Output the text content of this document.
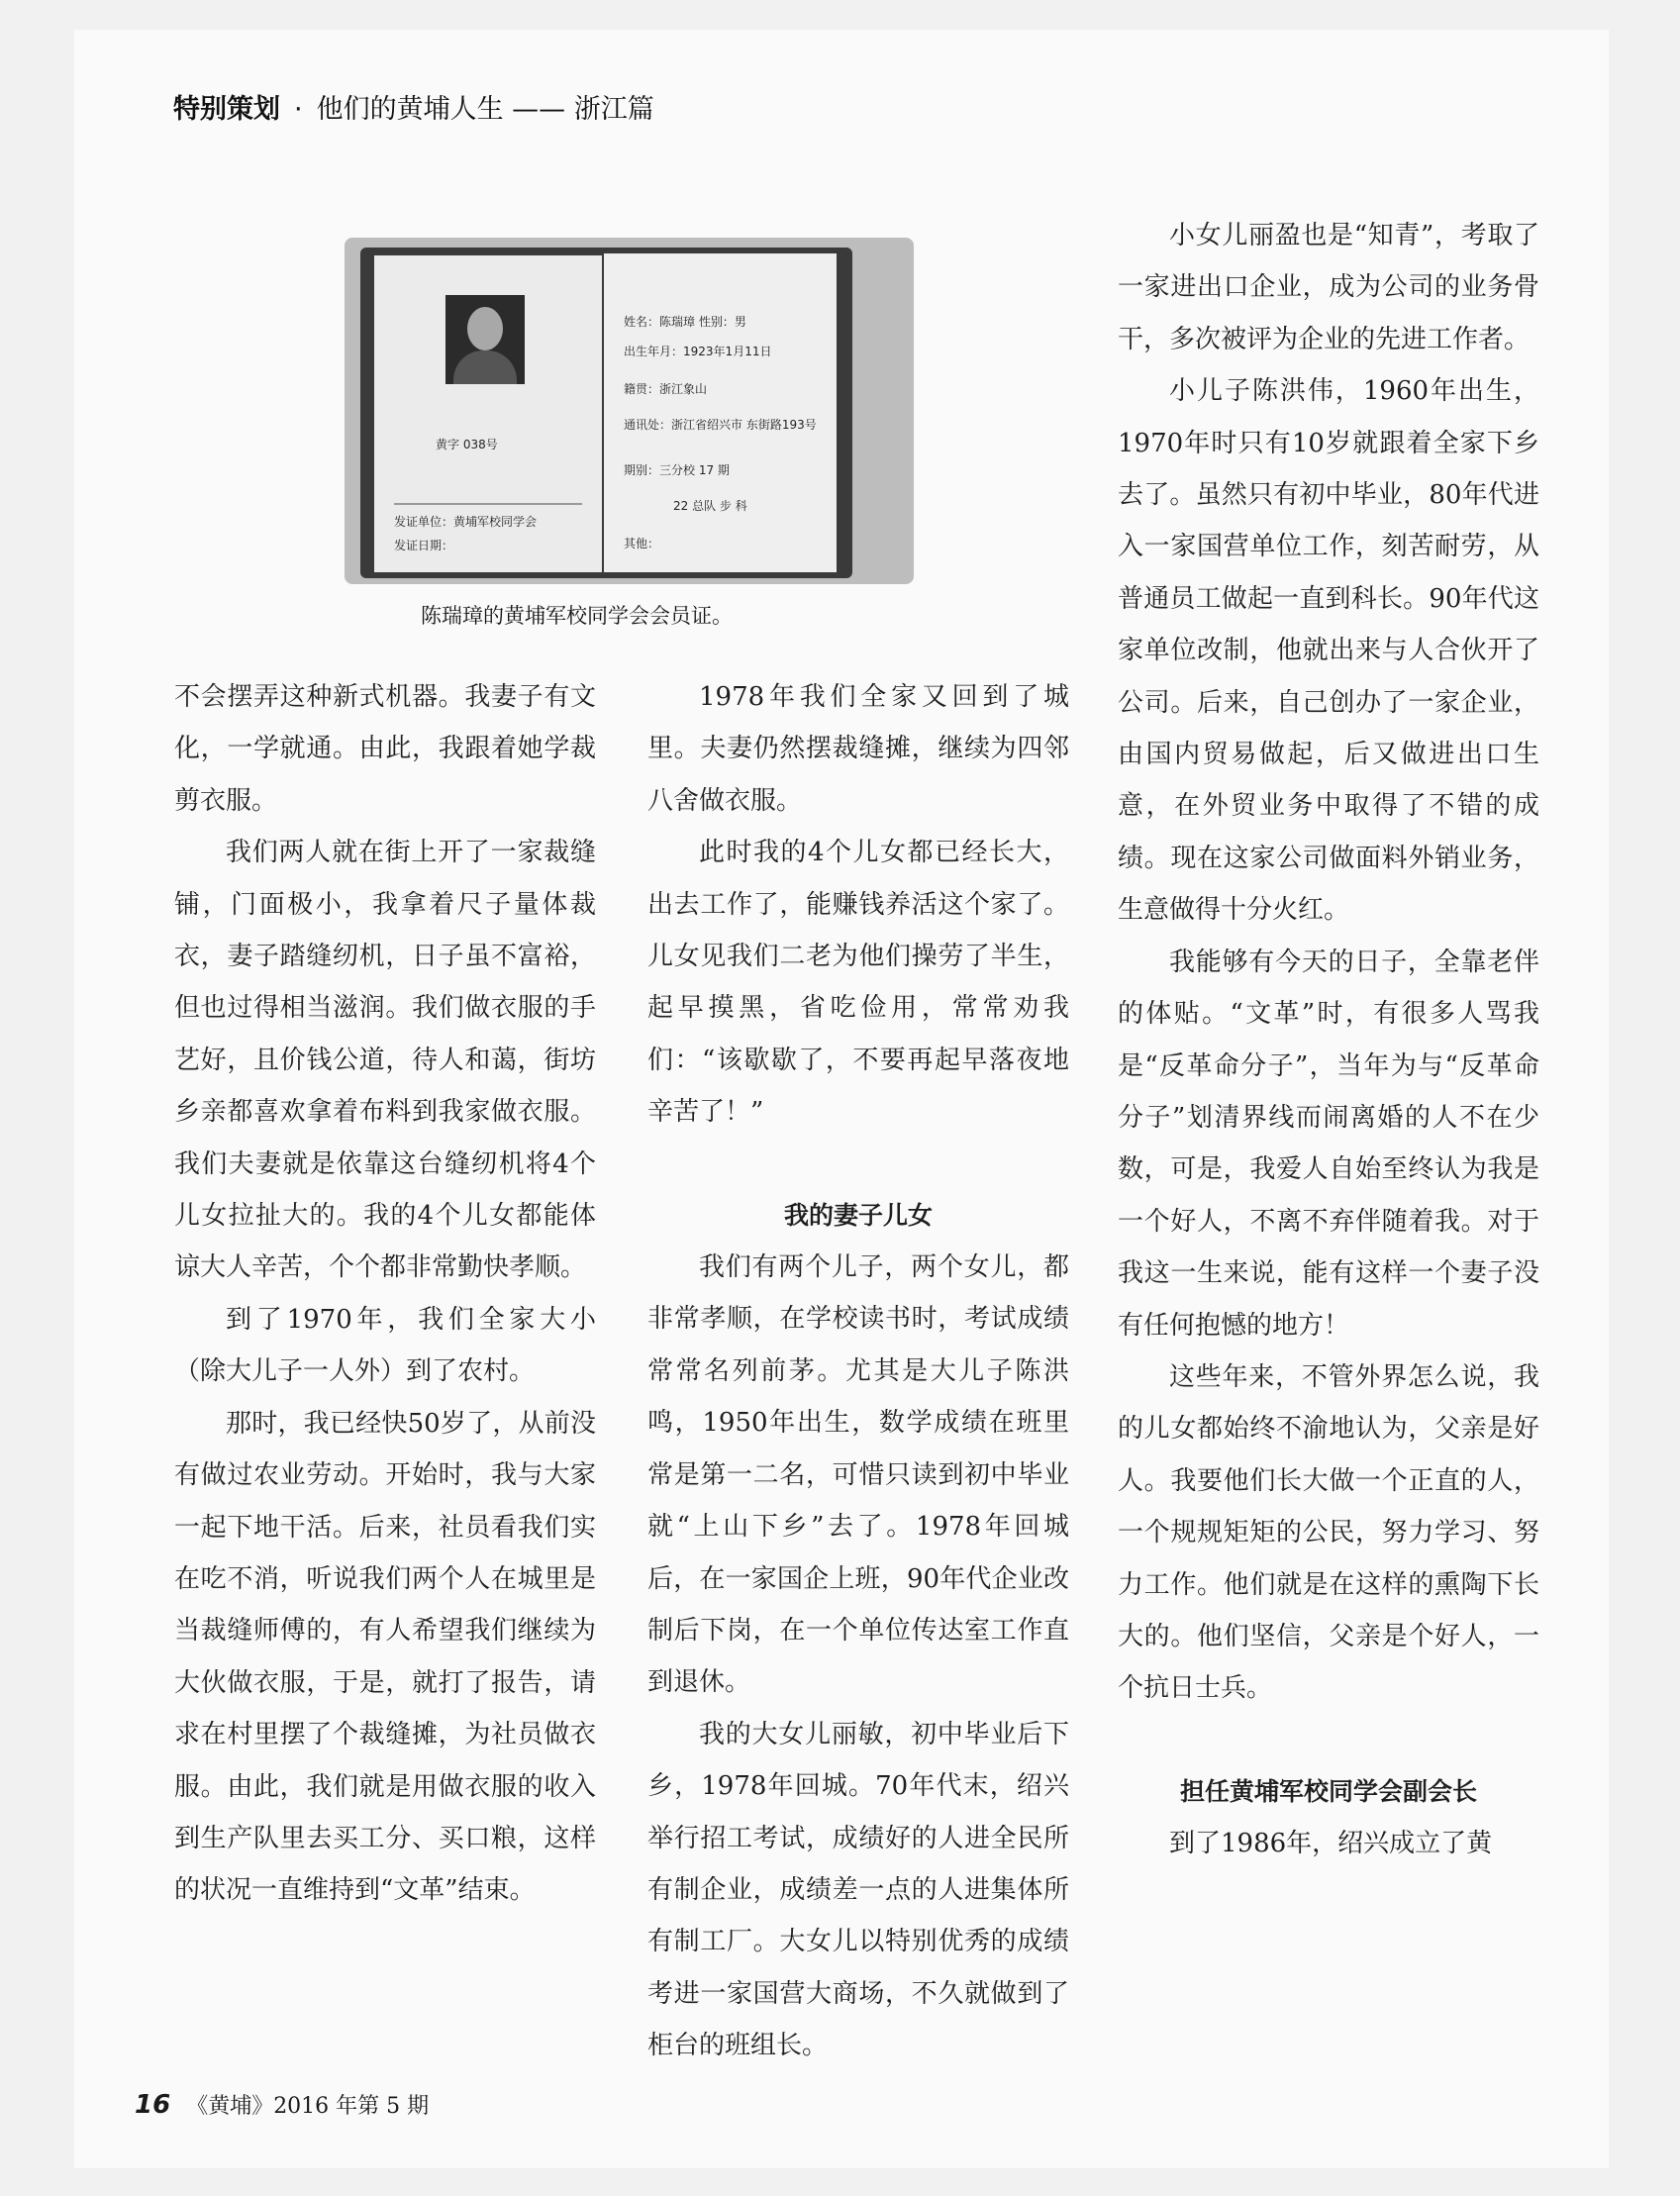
特别策划 · 他们的黄埔人生 —— 浙江篇
黄字 038号
发证单位：黄埔军校同学会
发证日期：
姓名：陈瑞璋 性别：男
出生年月：1923年1月11日
籍贯：浙江象山
通讯处：浙江省绍兴市 东街路193号
期别：三分校 17 期
22 总队 步 科
其他：
陈瑞璋的黄埔军校同学会会员证。

不会摆弄这种新式机器。我妻子有文化，一学就通。由此，我跟着她学裁剪衣服。

我们两人就在街上开了一家裁缝铺，门面极小，我拿着尺子量体裁衣，妻子踏缝纫机，日子虽不富裕，但也过得相当滋润。我们做衣服的手艺好，且价钱公道，待人和蔼，街坊乡亲都喜欢拿着布料到我家做衣服。我们夫妻就是依靠这台缝纫机将4个儿女拉扯大的。我的4个儿女都能体谅大人辛苦，个个都非常勤快孝顺。

到了1970年，我们全家大小（除大儿子一人外）到了农村。

那时，我已经快50岁了，从前没有做过农业劳动。开始时，我与大家一起下地干活。后来，社员看我们实在吃不消，听说我们两个人在城里是当裁缝师傅的，有人希望我们继续为大伙做衣服，于是，就打了报告，请求在村里摆了个裁缝摊，为社员做衣服。由此，我们就是用做衣服的收入到生产队里去买工分、买口粮，这样的状况一直维持到“文革”结束。

1978年我们全家又回到了城里。夫妻仍然摆裁缝摊，继续为四邻八舍做衣服。

此时我的4个儿女都已经长大，出去工作了，能赚钱养活这个家了。儿女见我们二老为他们操劳了半生，起早摸黑，省吃俭用，常常劝我们：“该歇歇了，不要再起早落夜地辛苦了！”

我的妻子儿女

我们有两个儿子，两个女儿，都非常孝顺，在学校读书时，考试成绩常常名列前茅。尤其是大儿子陈洪鸣，1950年出生，数学成绩在班里常是第一二名，可惜只读到初中毕业就“上山下乡”去了。1978年回城后，在一家国企上班，90年代企业改制后下岗，在一个单位传达室工作直到退休。

我的大女儿丽敏，初中毕业后下乡，1978年回城。70年代末，绍兴举行招工考试，成绩好的人进全民所有制企业，成绩差一点的人进集体所有制工厂。大女儿以特别优秀的成绩考进一家国营大商场，不久就做到了柜台的班组长。

小女儿丽盈也是“知青”，考取了一家进出口企业，成为公司的业务骨干，多次被评为企业的先进工作者。

小儿子陈洪伟，1960年出生，1970年时只有10岁就跟着全家下乡去了。虽然只有初中毕业，80年代进入一家国营单位工作，刻苦耐劳，从普通员工做起一直到科长。90年代这家单位改制，他就出来与人合伙开了公司。后来，自己创办了一家企业，由国内贸易做起，后又做进出口生意，在外贸业务中取得了不错的成绩。现在这家公司做面料外销业务，生意做得十分火红。

我能够有今天的日子，全靠老伴的体贴。“文革”时，有很多人骂我是“反革命分子”，当年为与“反革命分子”划清界线而闹离婚的人不在少数，可是，我爱人自始至终认为我是一个好人，不离不弃伴随着我。对于我这一生来说，能有这样一个妻子没有任何抱憾的地方！

这些年来，不管外界怎么说，我的儿女都始终不渝地认为，父亲是好人。我要他们长大做一个正直的人，一个规规矩矩的公民，努力学习、努力工作。他们就是在这样的熏陶下长大的。他们坚信，父亲是个好人，一个抗日士兵。

担任黄埔军校同学会副会长

到了1986年，绍兴成立了黄

16 《黄埔》2016 年第 5 期
